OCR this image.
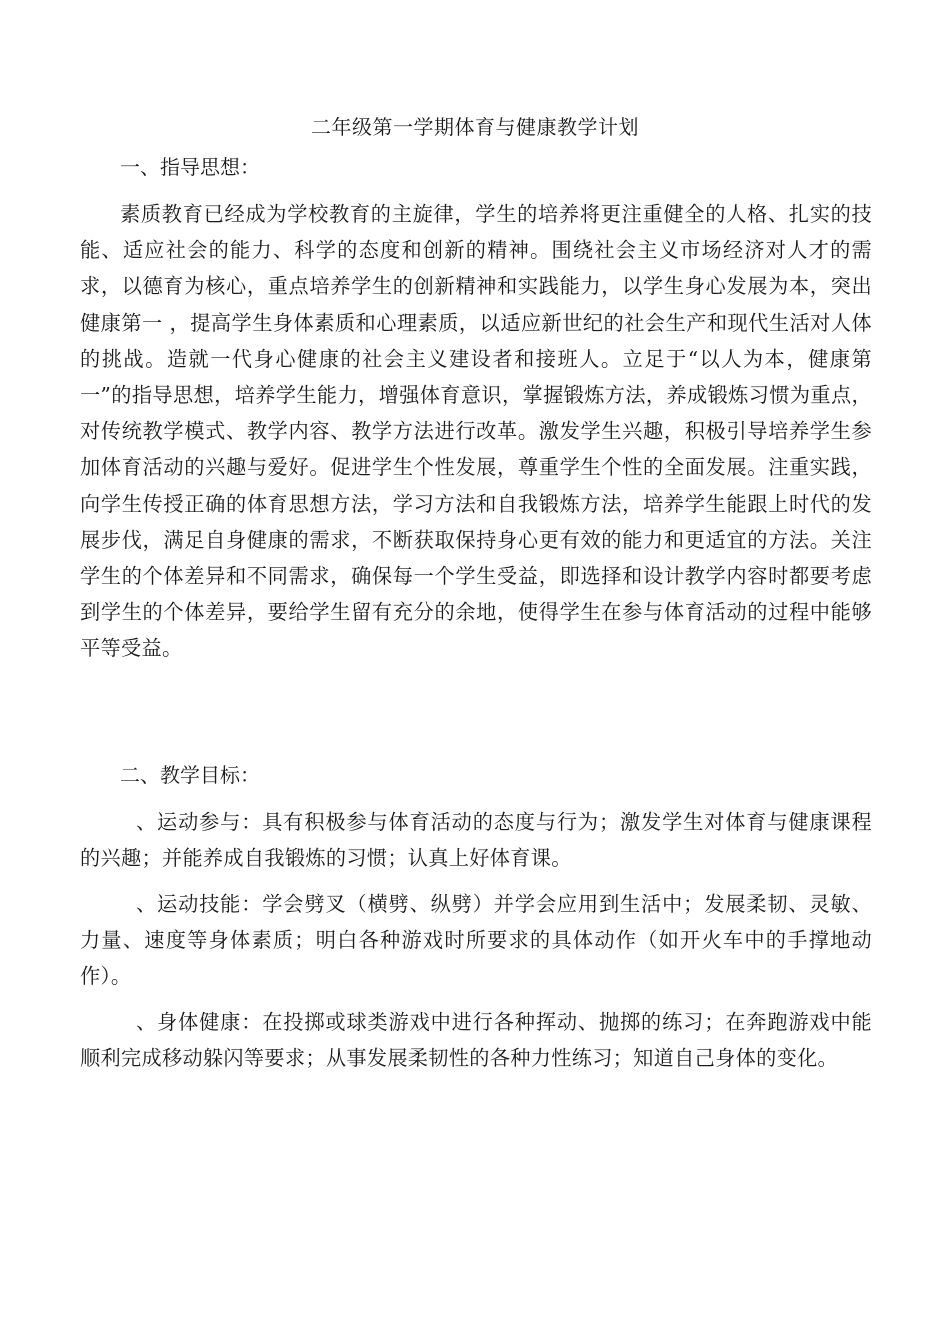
二年级第一学期体育与健康教学计划
一、指导思想：
素质教育已经成为学校教育的主旋律，学生的培养将更注重健全的人格、扎实的技能、适应社会的能力、科学的态度和创新的精神。围绕社会主义市场经济对人才的需求，以德育为核心，重点培养学生的创新精神和实践能力，以学生身心发展为本，突出 健康第一 ，提高学生身体素质和心理素质，以适应新世纪的社会生产和现代生活对人体的挑战。造就一代身心健康的社会主义建设者和接班人。立足于“以人为本，健康第一”的指导思想，培养学生能力，增强体育意识，掌握锻炼方法，养成锻炼习惯为重点，对传统教学模式、教学内容、教学方法进行改革。激发学生兴趣，积极引导培养学生参加体育活动的兴趣与爱好。促进学生个性发展，尊重学生个性的全面发展。注重实践，向学生传授正确的体育思想方法，学习方法和自我锻炼方法，培养学生能跟上时代的发展步伐，满足自身健康的需求，不断获取保持身心更有效的能力和更适宜的方法。关注学生的个体差异和不同需求，确保每一个学生受益，即选择和设计教学内容时都要考虑到学生的个体差异，要给学生留有充分的余地，使得学生在参与体育活动的过程中能够平等受益。
二、教学目标：
、运动参与：具有积极参与体育活动的态度与行为；激发学生对体育与健康课程的兴趣；并能养成自我锻炼的习惯；认真上好体育课。
、运动技能：学会劈叉（横劈、纵劈）并学会应用到生活中；发展柔韧、灵敏、力量、速度等身体素质；明白各种游戏时所要求的具体动作（如开火车中的手撑地动作）。
、身体健康：在投掷或球类游戏中进行各种挥动、抛掷的练习；在奔跑游戏中能顺利完成移动躲闪等要求；从事发展柔韧性的各种力性练习；知道自己身体的变化。
